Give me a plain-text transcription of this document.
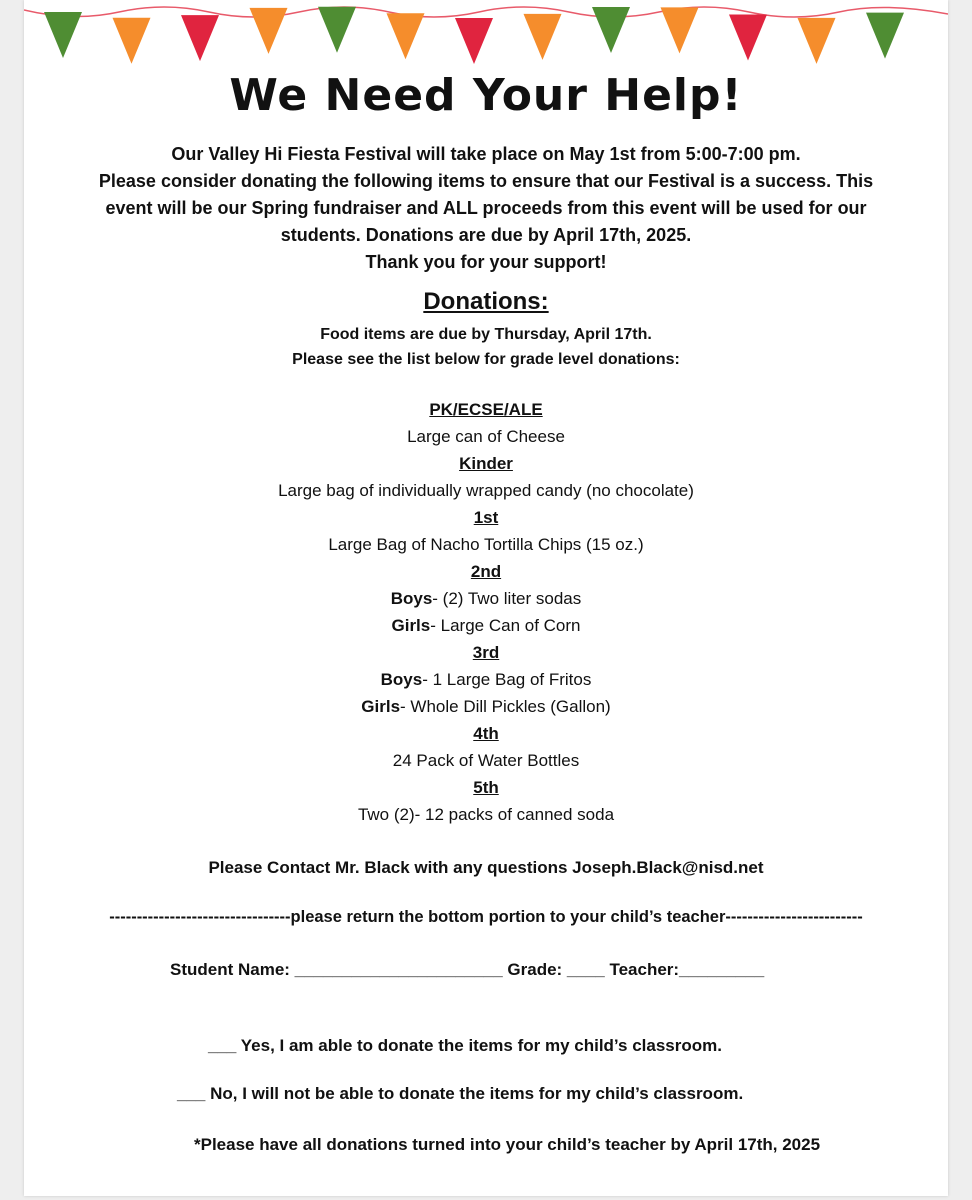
We Need Your Help!
Our Valley Hi Fiesta Festival will take place on May 1st from 5:00-7:00 pm.
Please consider donating the following items to ensure that our Festival is a success. This
event will be our Spring fundraiser and ALL proceeds from this event will be used for our
students. Donations are due by April 17th, 2025.
Thank you for your support!
Donations:
Food items are due by Thursday, April 17th.
Please see the list below for grade level donations:
PK/ECSE/ALE
Large can of Cheese
Kinder
Large bag of individually wrapped candy (no chocolate)
1st
Large Bag of Nacho Tortilla Chips (15 oz.)
2nd
Boys- (2) Two liter sodas
Girls- Large Can of Corn
3rd
Boys- 1 Large Bag of Fritos
Girls- Whole Dill Pickles (Gallon)
4th
24 Pack of Water Bottles
5th
Two (2)- 12 packs of canned soda
Please Contact Mr. Black with any questions Joseph.Black@nisd.net
---------------------------------please return the bottom portion to your child’s teacher-------------------------
Student Name: ______________________ Grade: ____ Teacher:_________
___ Yes, I am able to donate the items for my child’s classroom.
___ No, I will not be able to donate the items for my child’s classroom.
*Please have all donations turned into your child’s teacher by April 17th, 2025
